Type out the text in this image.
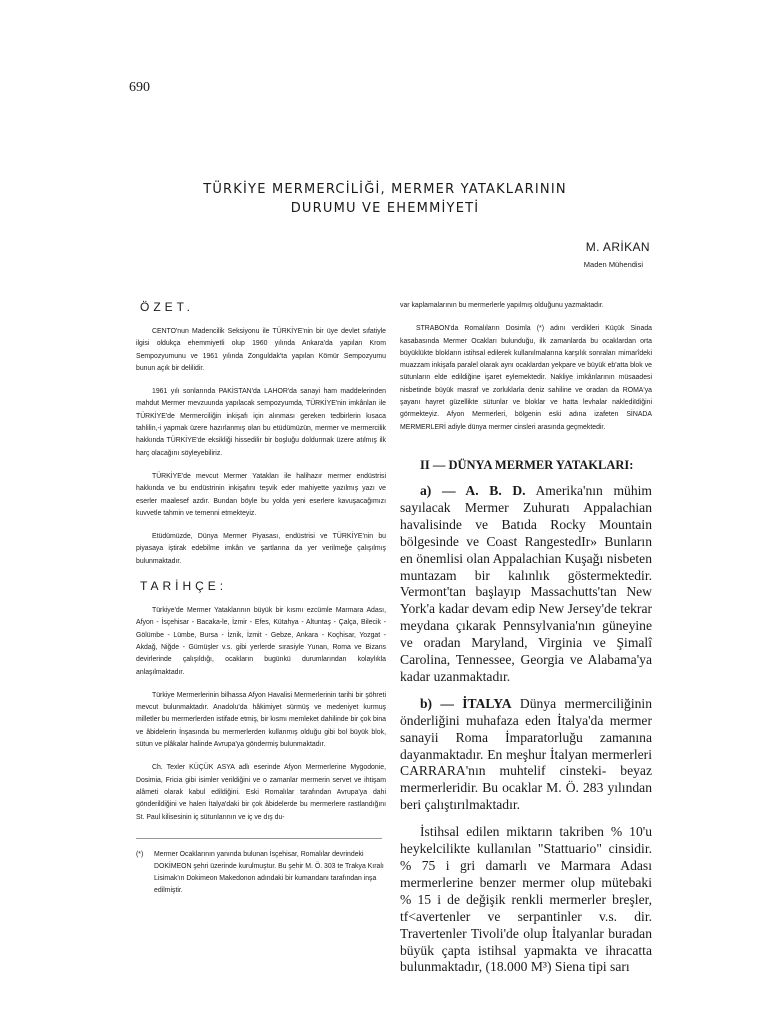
690
TÜRKİYE MERMERCİLİĞİ, MERMER YATAKLARININ
DURUMU VE EHEMMİYETİ
M. ARİKAN
Maden Mühendisi
ÖZET.

CENTO'nun Madencilik Seksiyonu ile TÜRKİYE'nin bir üye devlet sıfatiyle ilgisi oldukça ehemmiyetli olup 1960 yılında Ankara'da yapılan Krom Sempozyumunu ve 1961 yılında Zonguldak'ta yapılan Kömür Sempozyumu bunun açık bir delilidir.

1961 yılı sonlarında PAKİSTAN'da LAHOR'da sanayi ham maddelerinden mahdut Mermer mevzuunda yapılacak sempozyumda, TÜRKİYE'nin imkânları ile TÜRKİYE'de Mermerciliğin inkişafı için alınması gereken tedbirlerin kısaca tahlilin,-i yapmak üzere hazırlanmış olan bu etüdümüzün, mermer ve mermercilik hakkında TÜRKİYE'de eksikliği hissedilir bir boşluğu doldurmak üzere atılmış ilk harç olacağını söyleyebiliriz.

TÜRKİYE'de mevcut Mermer Yatakları ile halihazır mermer endüstrisi hakkında ve bu endüstrinin inkişafını teşvik eder mahiyette yazılmış yazı ve eserler maalesef azdır. Bundan böyle bu yolda yeni eserlere kavuşacağımızı kuvvetle tahmin ve temenni etmekteyiz.

Etüdümüzde, Dünya Mermer Piyasası, endüstrisi ve TÜRKİYE'nin bu piyasaya iştirak edebilme imkân ve şartlarına da yer verilmeğe çalışılmış bulunmaktadır.

TARİHÇE:

Türkiye'de Mermer Yataklarının büyük bir kısmı ezcümle Marmara Adası, Afyon - İsçehisar - Bacaka-le, İzmir - Efes, Kütahya - Altuntaş - Çalça, Bilecik - Gölümbe - Lümbe, Bursa - İznik, İzmit - Gebze, Ankara - Koçhisar, Yozgat - Akdağ, Niğde - Gümüşler v.s. gibi yerlerde sırasiyle Yunan, Roma ve Bizans devirlerinde çalışıldığı, ocakların bugünkü durumlarından kolaylıkla anlaşılmaktadır.

Türkiye Mermerlerinin bilhassa Afyon Havalisi Mermerlerinin tarihi bir şöhreti mevcut bulunmaktadır. Anadolu'da hâkimiyet sürmüş ve medeniyet kurmuş milletler bu mermerlerden istifade etmiş, bir kısmı memleket dahilinde bir çok bina ve âbidelerin İnşasında bu mermerlerden kullanmış olduğu gibi bol büyük blok, sütun ve plâkalar halinde Avrupa'ya göndermiş bulunmaktadır.

Ch. Texler KÜÇÜK ASYA adlı eserinde Afyon Mermerlerine Mygodonie, Dosimia, Fricia gibi isimler verildiğini ve o zamanlar mermerin servet ve ihtişam alâmeti olarak kabul edildiğini. Eski Romalılar tarafından Avrupa'ya dahi gönderildiğini ve halen İtalya'daki bir çok âbidelerde bu mermerlere rastlandığını St. Paul kilisesinin iç sütunlarının ve iç ve dış du-

(*) Mermer Ocaklarının yanında bulunan İsçehisar, Romalılar devrindeki DOKİMEON şehri üzerinde kurulmuştur. Bu şehir M. Ö. 303 te Trakya Kıralı Lisimak'ın Dokimeon Makedonon adındaki bir kumandanı tarafından inşa edilmiştir.

var kaplamalarının bu mermerlerle yapılmış olduğunu yazmaktadır.

STRABON'da Romalıların Dosimla (*) adını verdikleri Küçük Sinada kasabasında Mermer Ocakları bulunduğu, ilk zamanlarda bu ocaklardan orta büyüklükte blokların istihsal edilerek kullanılmalarına karşılık sonraları mimarîdeki muazzam inkişafa paralel olarak aynı ocaklardan yekpare ve büyük eb'atta blok ve sütunların elde edildiğine işaret eylemektedir. Nakliye imkânlarının müsaadesi nisbetinde büyük masraf ve zorluklarla deniz sahiline ve oradan da ROMA'ya şayanı hayret güzellikte sütunlar ve bloklar ve hatta levhalar naklediIdiğini görmekteyiz. Afyon Mermerleri, bölgenin eski adına izafeten SİNADA MERMERLERİ adiyle dünya mermer cinsleri arasında geçmektedir.

II — DÜNYA MERMER YATAKLARI:

a) — A. B. D. Amerika'nın mühim sayılacak Mermer Zuhuratı Appalachian havalisinde ve Batıda Rocky Mountain bölgesinde ve Coast RangestedIr» Bunların en önemlisi olan Appalachian Kuşağı nisbeten muntazam bir kalınlık göstermektedir. Vermont'tan başlayıp Massachutts'tan New York'a kadar devam edip New Jersey'de tekrar meydana çıkarak Pennsylvania'nın güneyine ve oradan Maryland, Virginia ve Şimalî Carolina, Tennessee, Georgia ve Alabama'ya kadar uzanmaktadır.

b) — İTALYA Dünya mermerciliğinin önderliğini muhafaza eden İtalya'da mermer sanayii Roma İmparatorluğu zamanına dayanmaktadır. En meşhur İtalyan mermerleri CARRARA'nın muhtelif cinsteki- beyaz mermerleridir. Bu ocaklar M. Ö. 283 yılından beri çalıştırılmaktadır.

İstihsal edilen miktarın takriben % 10'u heykelcilikte kullanılan "Stattuario" cinsidir. % 75 i gri damarlı ve Marmara Adası mermerlerine benzer mermer olup mütebaki % 15 i de değişik renkli mermerler breşler, tf<avertenler ve serpantinler v.s. dir. Travertenler Tivoli'de olup İtalyanlar buradan büyük çapta istihsal yapmakta ve ihracatta bulunmaktadır, (18.000 M³) Siena tipi sarı
